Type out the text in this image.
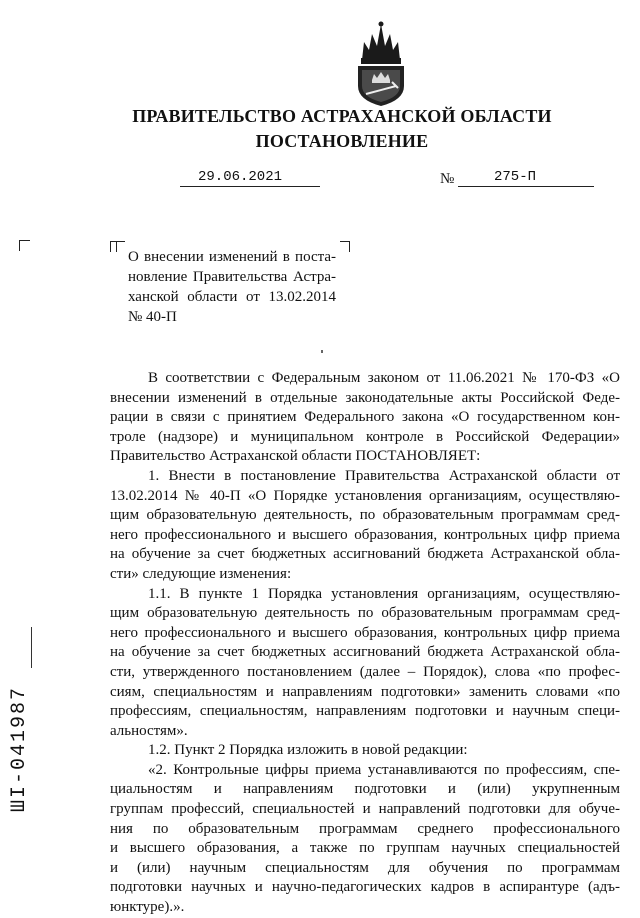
ПРАВИТЕЛЬСТВО АСТРАХАНСКОЙ ОБЛАСТИ
ПОСТАНОВЛЕНИЕ
29.06.2021	№	275-П
О внесении изменений в поста-
новление Правительства Астра-
ханской области от 13.02.2014
№ 40-П
В соответствии с Федеральным законом от 11.06.2021 № 170-ФЗ «О
внесении изменений в отдельные законодательные акты Российской Феде-
рации в связи с принятием Федерального закона «О государственном кон-
троле (надзоре) и муниципальном контроле в Российской Федерации»
Правительство Астраханской области ПОСТАНОВЛЯЕТ:
1. Внести в постановление Правительства Астраханской области от
13.02.2014 № 40-П «О Порядке установления организациям, осуществляю-
щим образовательную деятельность, по образовательным программам сред-
него профессионального и высшего образования, контрольных цифр приема
на обучение за счет бюджетных ассигнований бюджета Астраханской обла-
сти» следующие изменения:
1.1. В пункте 1 Порядка установления организациям, осуществляю-
щим образовательную деятельность по образовательным программам сред-
него профессионального и высшего образования, контрольных цифр приема
на обучение за счет бюджетных ассигнований бюджета Астраханской обла-
сти, утвержденного постановлением (далее – Порядок), слова «по профес-
сиям, специальностям и направлениям подготовки» заменить словами «по
профессиям, специальностям, направлениям подготовки и научным специ-
альностям».
1.2. Пункт 2 Порядка изложить в новой редакции:
«2. Контрольные цифры приема устанавливаются по профессиям, спе-
циальностям и направлениям подготовки и (или) укрупненным
группам профессий, специальностей и направлений подготовки для обуче-
ния по образовательным программам среднего профессионального
и высшего образования, а также по группам научных специальностей
и (или) научным специальностям для обучения по программам
подготовки научных и научно-педагогических кадров в аспирантуре (адъ-
юнктуре).».
ШI-041987
